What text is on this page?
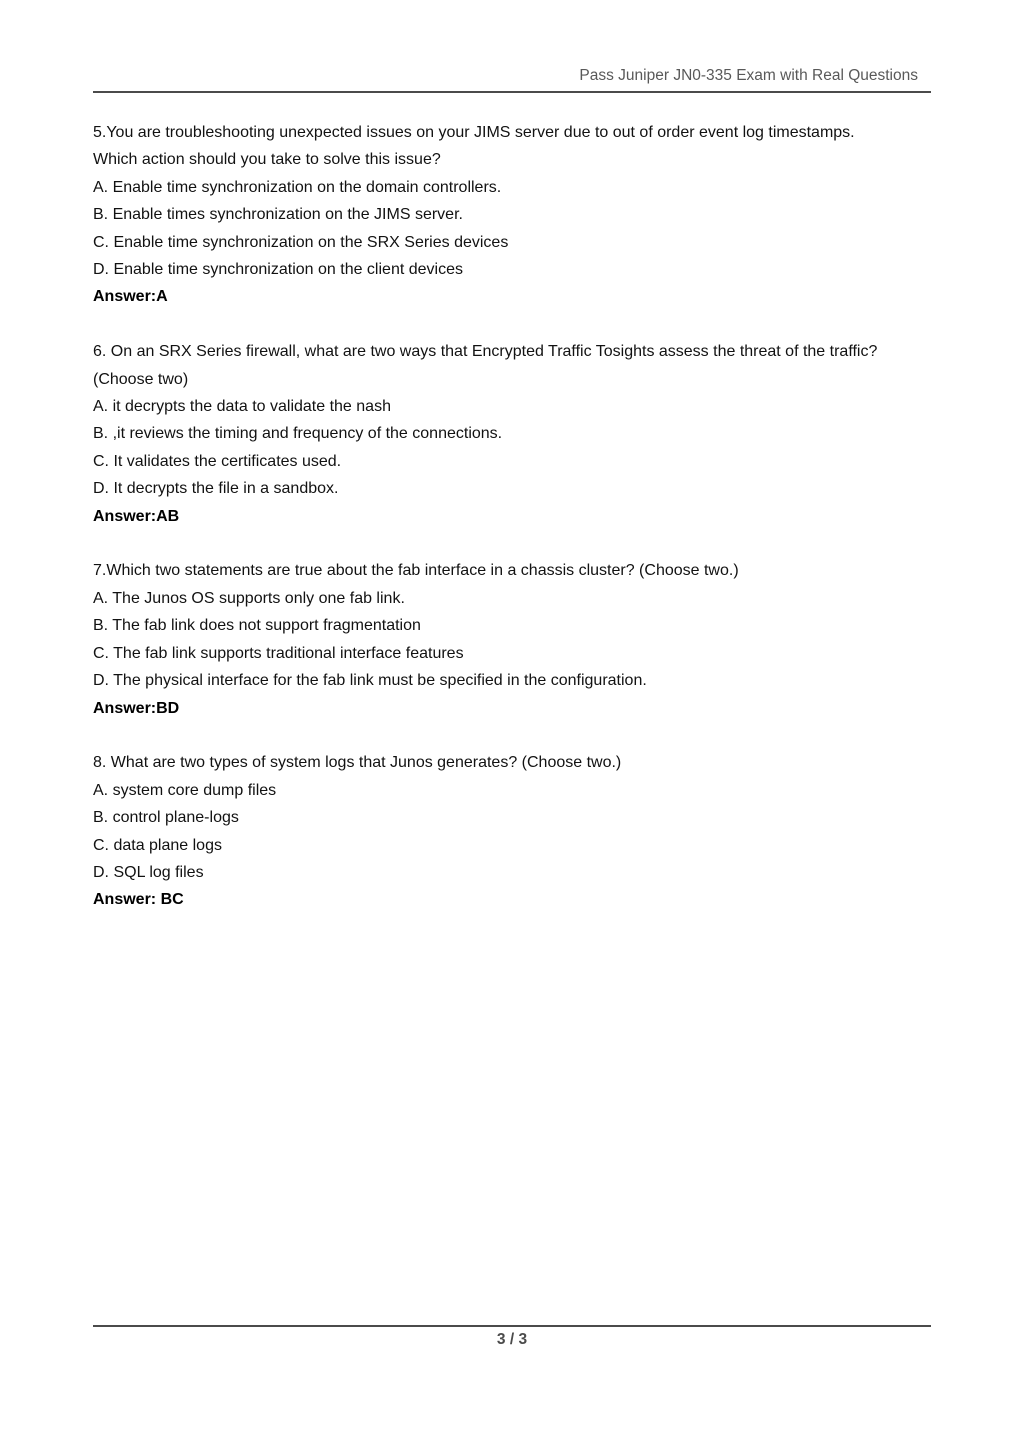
Pass Juniper JN0-335 Exam with Real Questions
5.You are troubleshooting unexpected issues on your JIMS server due to out of order event log timestamps.
Which action should you take to solve this issue?
A. Enable time synchronization on the domain controllers.
B. Enable times synchronization on the JIMS server.
C. Enable time synchronization on the SRX Series devices
D. Enable time synchronization on the client devices
Answer:A
6. On an SRX Series firewall, what are two ways that Encrypted Traffic Tosights assess the threat of the traffic? (Choose two)
A. it decrypts the data to validate the nash
B. ,it reviews the timing and frequency of the connections.
C. It validates the certificates used.
D. It decrypts the file in a sandbox.
Answer:AB
7.Which two statements are true about the fab interface in a chassis cluster? (Choose two.)
A. The Junos OS supports only one fab link.
B. The fab link does not support fragmentation
C. The fab link supports traditional interface features
D. The physical interface for the fab link must be specified in the configuration.
Answer:BD
8. What are two types of system logs that Junos generates? (Choose two.)
A. system core dump files
B. control plane-logs
C. data plane logs
D. SQL log files
Answer: BC
3 / 3
